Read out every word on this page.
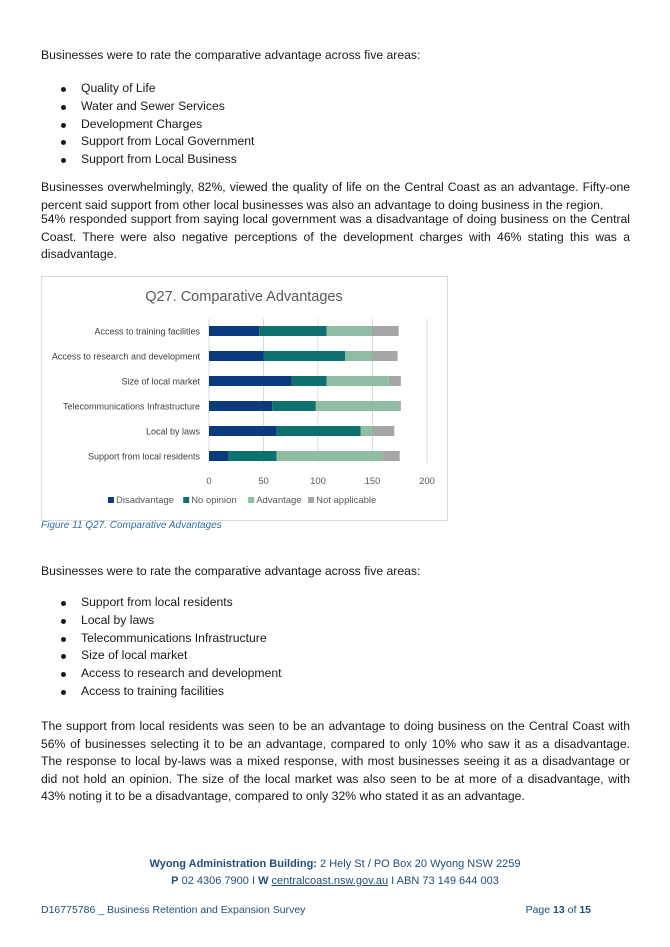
Businesses were to rate the comparative advantage across five areas:

Quality of Life
Water and Sewer Services
Development Charges
Support from Local Government
Support from Local Business

Businesses overwhelmingly, 82%, viewed the quality of life on the Central Coast as an advantage. Fifty-one percent said support from other local businesses was also an advantage to doing business in the region.

54% responded support from saying local government was a disadvantage of doing business on the Central Coast. There were also negative perceptions of the development charges with 46% stating this was a disadvantage.

Q27. Comparative Advantages
0	50	100	150	200
Access to training facilities
Access to research and development
Size of local market
Telecommunications Infrastructure
Local by laws
Support from local residents
Disadvantage No opinion Advantage Not applicable
Figure 11 Q27. Comparative Advantages

Businesses were to rate the comparative advantage across five areas:

Support from local residents
Local by laws
Telecommunications Infrastructure
Size of local market
Access to research and development
Access to training facilities

The support from local residents was seen to be an advantage to doing business on the Central Coast with 56% of businesses selecting it to be an advantage, compared to only 10% who saw it as a disadvantage. The response to local by-laws was a mixed response, with most businesses seeing it as a disadvantage or did not hold an opinion. The size of the local market was also seen to be at more of a disadvantage, with 43% noting it to be a disadvantage, compared to only 32% who stated it as an advantage.

Wyong Administration Building: 2 Hely St / PO Box 20 Wyong NSW 2259
P 02 4306 7900 I W centralcoast.nsw.gov.au I ABN 73 149 644 003
D16775786 _ Business Retention and Expansion Survey	Page 13 of 15
